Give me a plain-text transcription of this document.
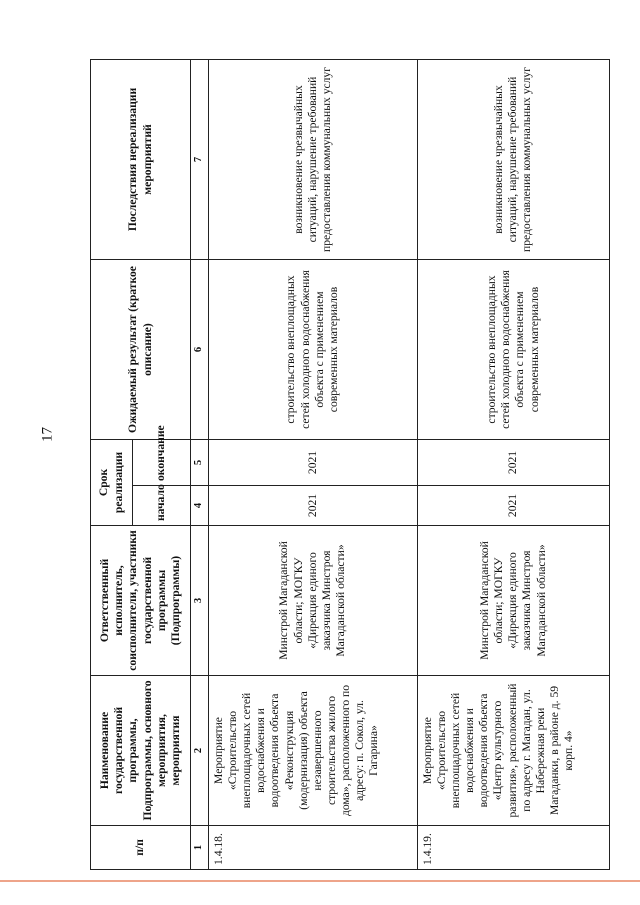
17
п/п	Наименование государственной программы, Подпрограммы, основного мероприятия, мероприятия	Ответственный исполнитель, соисполнители, участники государственной программы (Подпрограммы)	Срок реализации		Ожидаемый результат (краткое описание)	Последствия нереализации мероприятий
			начало	окончание		
1	2	3	4	5	6	7
1.4.18.	Мероприятие «Строительство внеплощадочных сетей водоснабжения и водоотведения объекта «Реконструкция (модернизация) объекта незавершенного строительства жилого дома», расположенного по адресу: п. Сокол, ул. Гагарина»	Минстрой Магаданской области; МОГКУ «Дирекция единого заказчика Минстроя Магаданской области»	2021	2021	строительство внеплощадных сетей холодного водоснабжения объекта с применением современных материалов	возникновение чрезвычайных ситуаций, нарушение требований предоставления коммунальных услуг
1.4.19.	Мероприятие «Строительство внеплощадочных сетей водоснабжения и водоотведения объекта «Центр культурного развития», расположенный по адресу г. Магадан, ул. Набережная реки Магаданки, в районе д. 59 корп. 4»	Минстрой Магаданской области; МОГКУ «Дирекция единого заказчика Минстроя Магаданской области»	2021	2021	строительство внеплощадных сетей холодного водоснабжения объекта с применением современных материалов	возникновение чрезвычайных ситуаций, нарушение требований предоставления коммунальных услуг
